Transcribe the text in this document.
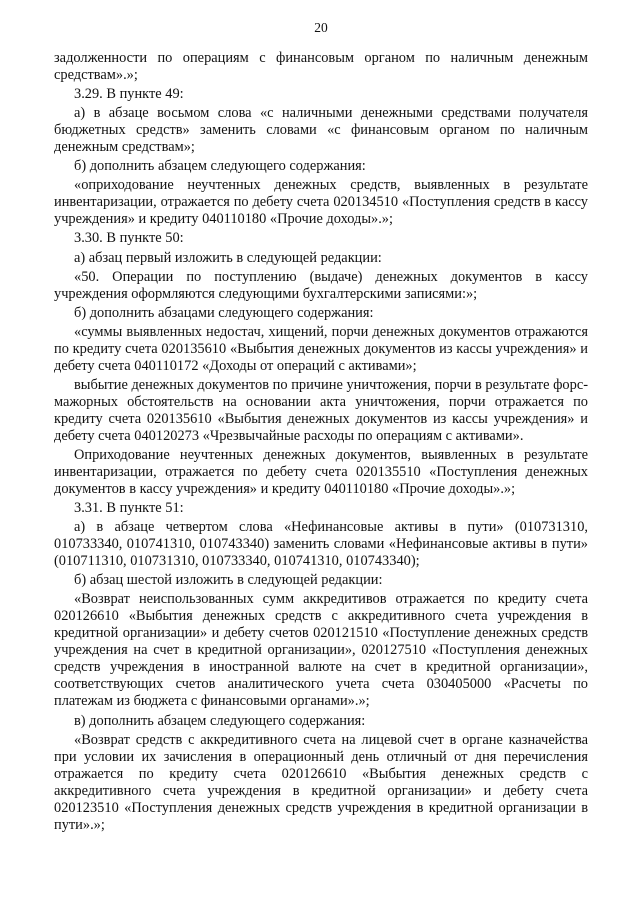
20

задолженности по операциям с финансовым органом по наличным денежным средствам».»;

3.29. В пункте 49:

а) в абзаце восьмом слова «с наличными денежными средствами получателя бюджетных средств» заменить словами «с финансовым органом по наличным денежным средствам»;

б) дополнить абзацем следующего содержания:

«оприходование неучтенных денежных средств, выявленных в результате инвентаризации, отражается по дебету счета 020134510 «Поступления средств в кассу учреждения» и кредиту 040110180 «Прочие доходы».»;

3.30. В пункте 50:

а) абзац первый изложить в следующей редакции:

«50. Операции по поступлению (выдаче) денежных документов в кассу учреждения оформляются следующими бухгалтерскими записями:»;

б) дополнить абзацами следующего содержания:

«суммы выявленных недостач, хищений, порчи денежных документов отражаются по кредиту счета 020135610 «Выбытия денежных документов из кассы учреждения» и дебету счета 040110172 «Доходы от операций с активами»;

выбытие денежных документов по причине уничтожения, порчи в результате форс-мажорных обстоятельств на основании акта уничтожения, порчи отражается по кредиту счета 020135610 «Выбытия денежных документов из кассы учреждения» и дебету счета 040120273 «Чрезвычайные расходы по операциям с активами».

Оприходование неучтенных денежных документов, выявленных в результате инвентаризации, отражается по дебету счета 020135510 «Поступления денежных документов в кассу учреждения» и кредиту 040110180 «Прочие доходы».»;

3.31. В пункте 51:

а) в абзаце четвертом слова «Нефинансовые активы в пути» (010731310, 010733340, 010741310, 010743340) заменить словами «Нефинансовые активы в пути» (010711310, 010731310, 010733340, 010741310, 010743340);

б) абзац шестой изложить в следующей редакции:

«Возврат неиспользованных сумм аккредитивов отражается по кредиту счета 020126610 «Выбытия денежных средств с аккредитивного счета учреждения в кредитной организации» и дебету счетов 020121510 «Поступление денежных средств учреждения на счет в кредитной организации», 020127510 «Поступления денежных средств учреждения в иностранной валюте на счет в кредитной организации», соответствующих счетов аналитического учета счета 030405000 «Расчеты по платежам из бюджета с финансовыми органами».»;

в) дополнить абзацем следующего содержания:

«Возврат средств с аккредитивного счета на лицевой счет в органе казначейства при условии их зачисления в операционный день отличный от дня перечисления отражается по кредиту счета 020126610 «Выбытия денежных средств с аккредитивного счета учреждения в кредитной организации» и дебету счета 020123510 «Поступления денежных средств учреждения в кредитной организации в пути».»;
